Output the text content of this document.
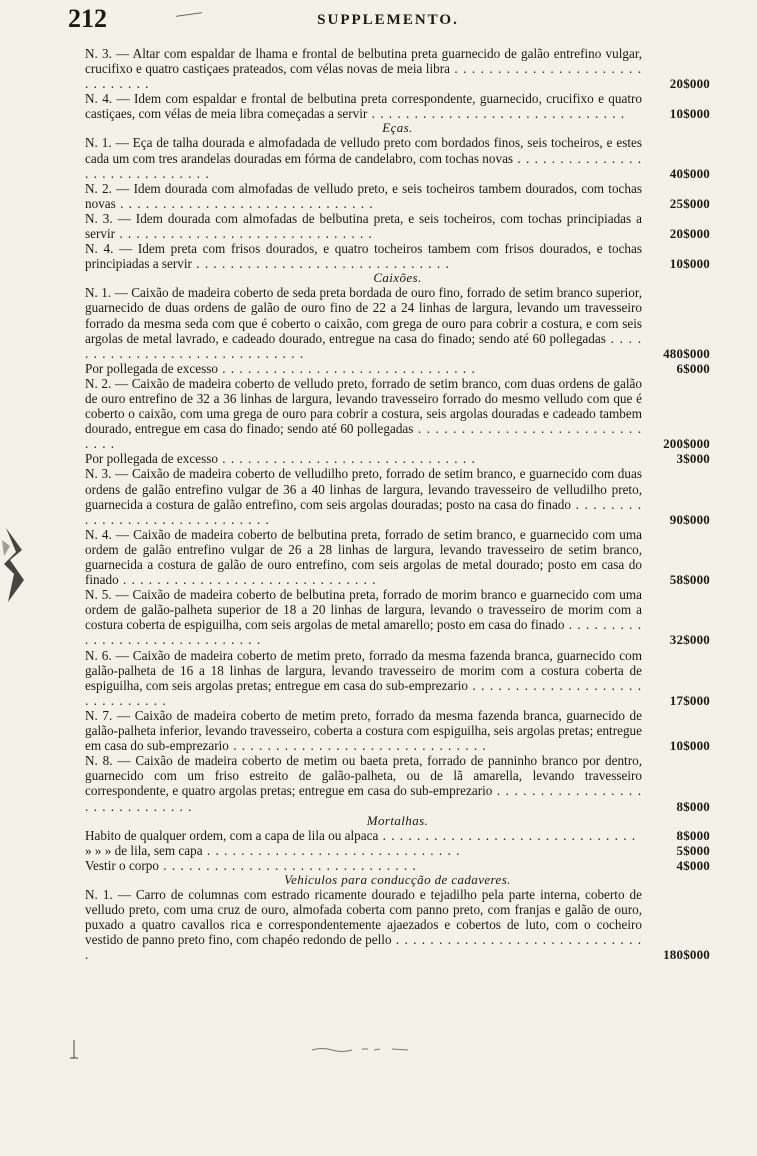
212	SUPPLEMENTO.
N. 3. — Altar com espaldar de lhama e frontal de belbutina preta guarnecido de galão entrefino vulgar, crucifixo e quatro castiçaes prateados, com vélas novas de meia libra . . .
20$000
N. 4. — Idem com espaldar e frontal de belbutina preta correspondente, guarnecido, crucifixo e quatro castiçaes, com vélas de meia libra começadas a servir . . .	10$000
Eças.
N. 1. — Eça de talha dourada e almofadada de velludo preto com bordados finos, seis tocheiros, e estes cada um com tres arandelas douradas em fórma de candelabro, com tochas novas . . .
40$000
N. 2. — Idem dourada com almofadas de velludo preto, e seis tocheiros tambem dourados, com tochas novas . . .	25$000
N. 3. — Idem dourada com almofadas de belbutina preta, e seis tocheiros, com tochas principiadas a servir . . .	20$000
N. 4. — Idem preta com frisos dourados, e quatro tocheiros tambem com frisos dourados, e tochas principiadas a servir . . .	10$000
Caixões.
N. 1. — Caixão de madeira coberto de seda preta bordada de ouro fino, forrado de setim branco superior, guarnecido de duas ordens de galão de ouro fino de 22 a 24 linhas de largura, levando um travesseiro forrado da mesma seda com que é coberto o caixão, com grega de ouro para cobrir a costura, e com seis argolas de metal lavrado, e cadeado dourado, entregue na casa do finado; sendo até 60 pollegadas . . .
480$000
Por pollegada de excesso . . .	6$000
N. 2. — Caixão de madeira coberto de velludo preto, forrado de setim branco, com duas ordens de galão de ouro entrefino de 32 a 36 linhas de largura, levando travesseiro forrado do mesmo velludo com que é coberto o caixão, com uma grega de ouro para cobrir a costura, seis argolas douradas e cadeado tambem dourado, entregue em casa do finado; sendo até 60 pollegadas . . .
200$000
Por pollegada de excesso . . .	3$000
N. 3. — Caixão de madeira coberto de velludilho preto, forrado de setim branco, e guarnecido com duas ordens de galão entrefino vulgar de 36 a 40 linhas de largura, levando travesseiro de velludilho preto, guarnecida a costura de galão entrefino, com seis argolas douradas; posto na casa do finado . . .
90$000
N. 4. — Caixão de madeira coberto de belbutina preta, forrado de setim branco, e guarnecido com uma ordem de galão entrefino vulgar de 26 a 28 linhas de largura, levando travesseiro de setim branco, guarnecida a costura de galão de ouro entrefino, com seis argolas de metal dourado; posto em casa do finado . . .	58$000
N. 5. — Caixão de madeira coberto de belbutina preta, forrado de morim branco e guarnecido com uma ordem de galão-palheta superior de 18 a 20 linhas de largura, levando o travesseiro de morim com a costura coberta de espiguilha, com seis argolas de metal amarello; posto em casa do finado . . .
32$000
N. 6. — Caixão de madeira coberto de metim preto, forrado da mesma fazenda branca, guarnecido com galão-palheta de 16 a 18 linhas de largura, levando travesseiro de morim com a costura coberta de espiguilha, com seis argolas pretas; entregue em casa do sub-emprezario . . .
17$000
N. 7. — Caixão de madeira coberto de metim preto, forrado da mesma fazenda branca, guarnecido de galão-palheta inferior, levando travesseiro, coberta a costura com espiguilha, seis argolas pretas; entregue em casa do sub-emprezario . . .	10$000
N. 8. — Caixão de madeira coberto de metim ou baeta preta, forrado de panninho branco por dentro, guarnecido com um friso estreito de galão-palheta, ou de lã amarella, levando travesseiro correspondente, e quatro argolas pretas; entregue em casa do sub-emprezario . . .
8$000
Mortalhas.
Habito de qualquer ordem, com a capa de lila ou alpaca . . .	8$000
» » » de lila, sem capa . . .	5$000
Vestir o corpo . . .	4$000
Vehiculos para conducção de cadaveres.
N. 1. — Carro de columnas com estrado ricamente dourado e tejadilho pela parte interna, coberto de velludo preto, com uma cruz de ouro, almofada coberta com panno preto, com franjas e galão de ouro, puxado a quatro cavallos rica e correspondentemente ajaezados e cobertos de luto, com o cocheiro vestido de panno preto fino, com chapéo redondo de pello . . .
180$000
